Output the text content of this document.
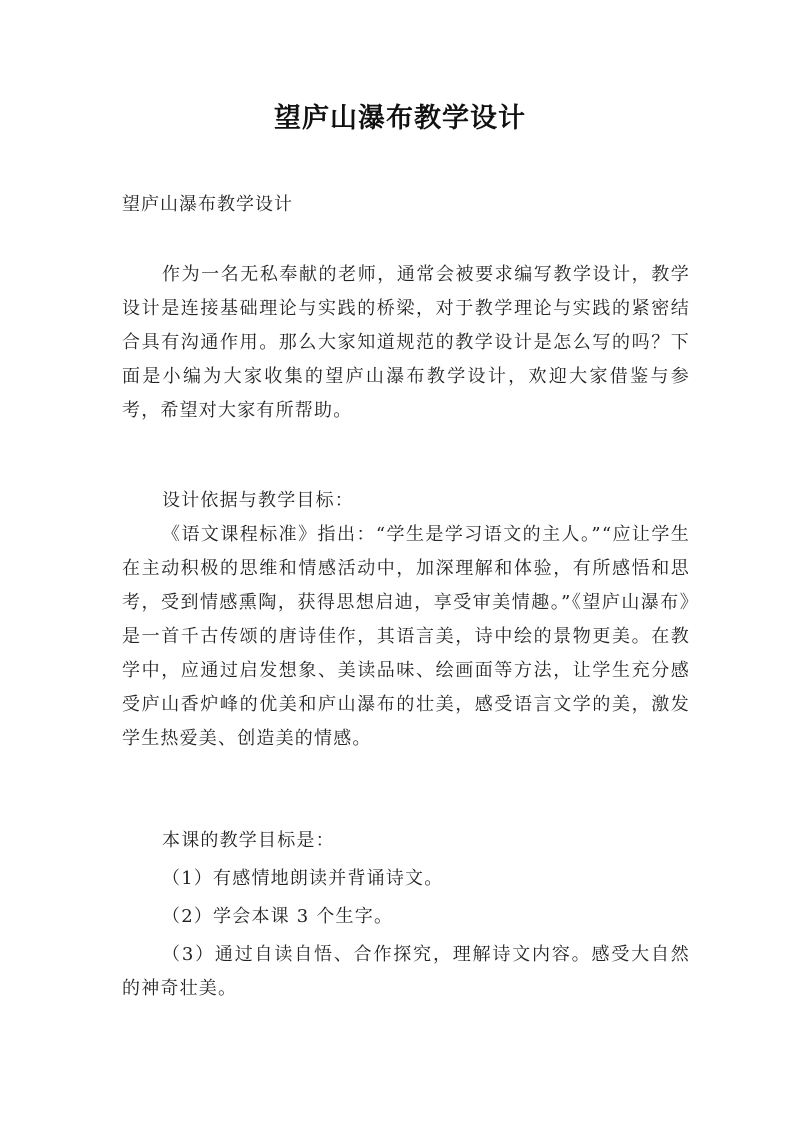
望庐山瀑布教学设计

望庐山瀑布教学设计

作为一名无私奉献的老师，通常会被要求编写教学设计，教学设计是连接基础理论与实践的桥梁，对于教学理论与实践的紧密结合具有沟通作用。那么大家知道规范的教学设计是怎么写的吗？下面是小编为大家收集的望庐山瀑布教学设计，欢迎大家借鉴与参考，希望对大家有所帮助。

设计依据与教学目标：

《语文课程标准》指出：“学生是学习语文的主人。”“应让学生在主动积极的思维和情感活动中，加深理解和体验，有所感悟和思考，受到情感熏陶，获得思想启迪，享受审美情趣。”《望庐山瀑布》是一首千古传颂的唐诗佳作，其语言美，诗中绘的景物更美。在教学中，应通过启发想象、美读品味、绘画面等方法，让学生充分感受庐山香炉峰的优美和庐山瀑布的壮美，感受语言文学的美，激发学生热爱美、创造美的情感。

本课的教学目标是：

（1）有感情地朗读并背诵诗文。

（2）学会本课 3 个生字。

（3）通过自读自悟、合作探究，理解诗文内容。感受大自然的神奇壮美。
